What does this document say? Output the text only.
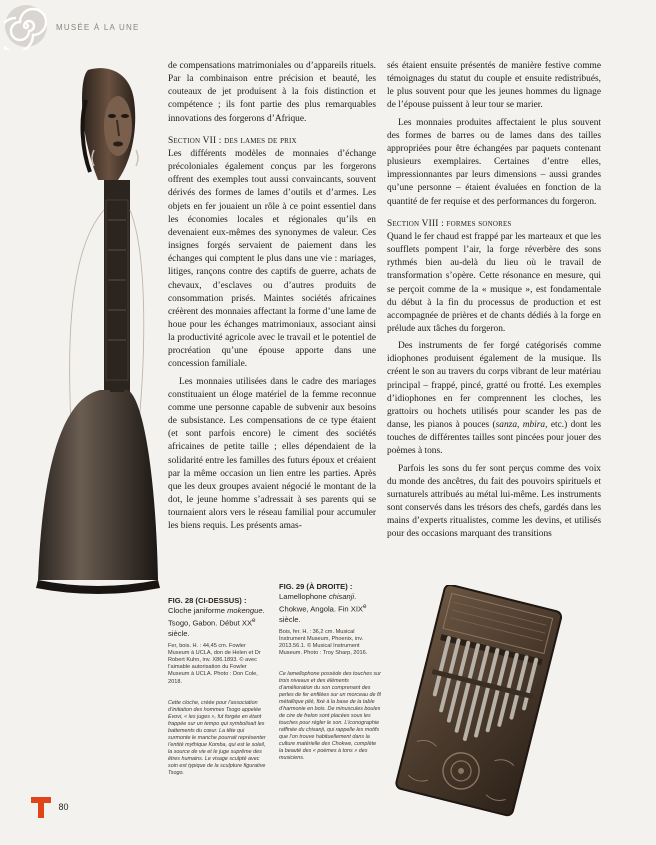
MUSÉE À LA UNE

de compensations matrimoniales ou d’appareils rituels. Par la combinaison entre précision et beauté, les couteaux de jet produisent à la fois distinction et compétence ; ils font partie des plus remarquables innovations des forgerons d’Afrique.

Section VII : des lames de prix

Les différents modèles de monnaies d’échange précoloniales également conçus par les forgerons offrent des exemples tout aussi convaincants, souvent dérivés des formes de lames d’outils et d’armes. Les objets en fer jouaient un rôle à ce point essentiel dans les économies locales et régionales qu’ils en devenaient eux-mêmes des synonymes de valeur. Ces insignes forgés servaient de paiement dans les échanges qui comptent le plus dans une vie : mariages, litiges, rançons contre des captifs de guerre, achats de chevaux, d’esclaves ou d’autres produits de consommation prisés. Maintes sociétés africaines créèrent des monnaies affectant la forme d’une lame de houe pour les échanges matrimoniaux, associant ainsi la productivité agricole avec le travail et le potentiel de procréation qu’une épouse apporte dans une concession familiale.

Les monnaies utilisées dans le cadre des mariages constituaient un éloge matériel de la femme reconnue comme une personne capable de subvenir aux besoins de subsistance. Les compensations de ce type étaient (et sont parfois encore) le ciment des sociétés africaines de petite taille ; elles dépendaient de la solidarité entre les familles des futurs époux et créaient par la même occasion un lien entre les parties. Après que les deux groupes avaient négocié le montant de la dot, le jeune homme s’adressait à ses parents qui se tournaient alors vers le réseau familial pour accumuler les biens requis. Les présents amas-

sés étaient ensuite présentés de manière festive comme témoignages du statut du couple et ensuite redistribués, le plus souvent pour que les jeunes hommes du lignage de l’épouse puissent à leur tour se marier.

Les monnaies produites affectaient le plus souvent des formes de barres ou de lames dans des tailles appropriées pour être échangées par paquets contenant plusieurs exemplaires. Certaines d’entre elles, impressionnantes par leurs dimensions – aussi grandes qu’une personne – étaient évaluées en fonction de la quantité de fer requise et des performances du forgeron.

Section VIII : formes sonores

Quand le fer chaud est frappé par les marteaux et que les soufflets pompent l’air, la forge réverbère des sons rythmés bien au-delà du lieu où le travail de transformation s’opère. Cette résonance en mesure, qui se perçoit comme de la « musique », est fondamentale du début à la fin du processus de production et est accompagnée de prières et de chants dédiés à la forge en prélude aux tâches du forgeron.

Des instruments de fer forgé catégorisés comme idiophones produisent également de la musique. Ils créent le son au travers du corps vibrant de leur matériau principal – frappé, pincé, gratté ou frotté. Les exemples d’idiophones en fer comprennent les cloches, les grattoirs ou hochets utilisés pour scander les pas de danse, les pianos à pouces (sanza, mbira, etc.) dont les touches de différentes tailles sont pincées pour jouer des poèmes à tons.

Parfois les sons du fer sont perçus comme des voix du monde des ancêtres, du fait des pouvoirs spirituels et surnaturels attribués au métal lui-même. Les instruments sont conservés dans les trésors des chefs, gardés dans les mains d’experts ritualistes, comme les devins, et utilisés pour des occasions marquant des transitions

FIG. 28 (CI-DESSUS) : Cloche janiforme mokengue. Tsogo, Gabon. Début XXe siècle.
Fer, bois. H. : 44,45 cm. Fowler Museum à UCLA, don de Helen et Dr Robert Kuhn, inv. X86.1893. © avec l’aimable autorisation du Fowler Museum à UCLA. Photo : Don Cole, 2018.
Cette cloche, créée pour l’association d’initiation des hommes Tsogo appelée Evovi, « les juges », fut forgée en étant frappée sur un tempo qui symbolisait les battements du cœur. La tête qui surmonte le manche pourrait représenter l’entité mythique Komba, qui est le soleil, la source de vie et le juge suprême des êtres humains. Le visage sculpté avec soin est typique de la sculpture figurative Tsogo.
FIG. 29 (À DROITE) : Lamellophone chisanji. Chokwe, Angola. Fin XIXe siècle.
Bois, fer. H. : 36,2 cm. Musical Instrument Museum, Phoenix, inv. 2013.56.1. © Musical Instrument Museum. Photo : Troy Sharp, 2016.
Ce lamellophone possède des touches sur trois niveaux et des éléments d’amélioration du son comprenant des perles de fer enfilées sur un morceau de fil métallique plié, fixé à la base de la table d’harmonie en bois. De minuscules boules de cire de frelon sont placées sous les touches pour régler le son. L’iconographie raffinée du chisanji, qui rappelle les motifs que l’on trouve habituellement dans la culture matérielle des Chokwe, complète la beauté des « poèmes à tons » des musiciens.
80
